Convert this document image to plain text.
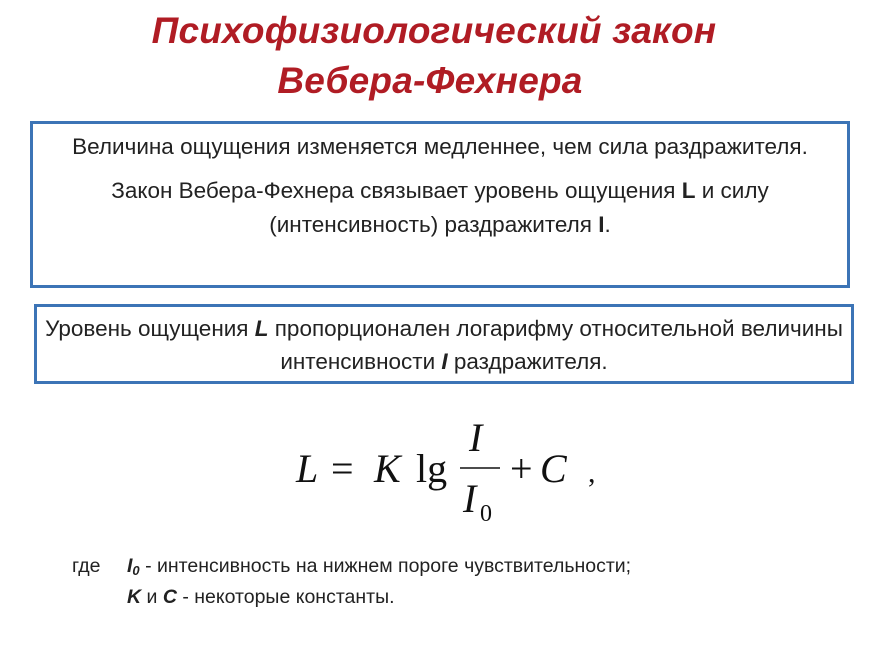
Психофизиологический закон
Вебера-Фехнера

Величина ощущения изменяется медленнее, чем сила раздражителя.

Закон Вебера-Фехнера связывает уровень ощущения L и силу (интенсивность) раздражителя I.

Уровень ощущения L пропорционален логарифму относительной величины интенсивности I раздражителя.

L = K lg
I
I 0
+ C ,
где $I_0$ - интенсивность на нижнем пороге чувствительности;
K и C - некоторые константы.
